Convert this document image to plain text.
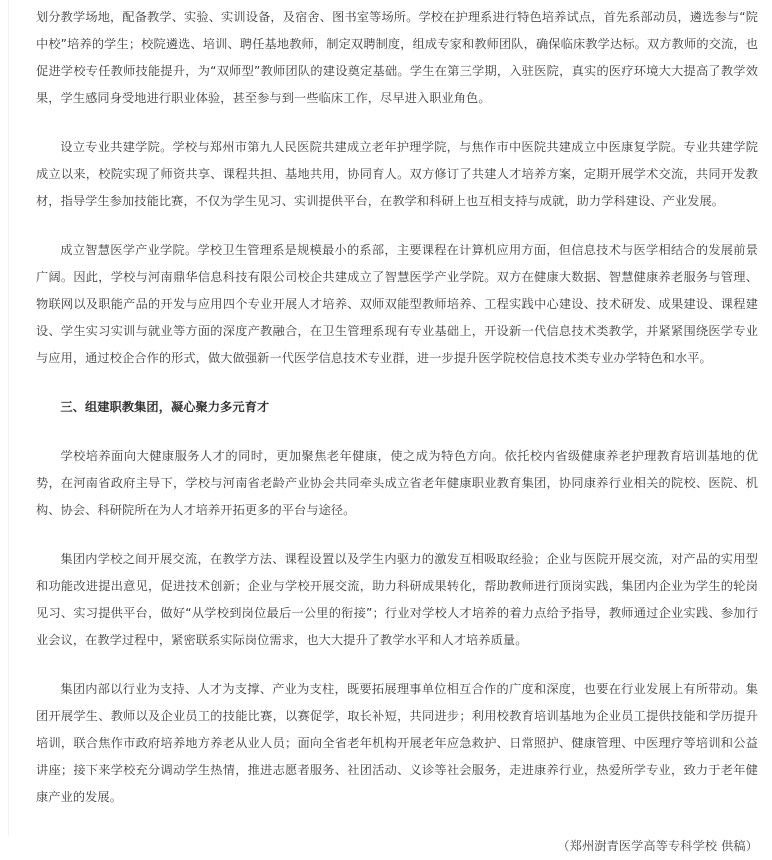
划分教学场地，配备教学、实验、实训设备，及宿舍、图书室等场所。学校在护理系进行特色培养试点，首先系部动员，遴选参与“院中校”培养的学生；校院遴选、培训、聘任基地教师，制定双聘制度，组成专家和教师团队，确保临床教学达标。双方教师的交流，也促进学校专任教师技能提升，为“双师型”教师团队的建设奠定基础。学生在第三学期，入驻医院，真实的医疗环境大大提高了教学效果，学生感同身受地进行职业体验，甚至参与到一些临床工作，尽早进入职业角色。

设立专业共建学院。学校与郑州市第九人民医院共建成立老年护理学院，与焦作市中医院共建成立中医康复学院。专业共建学院成立以来，校院实现了师资共享、课程共担、基地共用，协同育人。双方修订了共建人才培养方案，定期开展学术交流，共同开发教材，指导学生参加技能比赛，不仅为学生见习、实训提供平台，在教学和科研上也互相支持与成就，助力学科建设、产业发展。

成立智慧医学产业学院。学校卫生管理系是规模最小的系部，主要课程在计算机应用方面，但信息技术与医学相结合的发展前景广阔。因此，学校与河南鼎华信息科技有限公司校企共建成立了智慧医学产业学院。双方在健康大数据、智慧健康养老服务与管理、物联网以及职能产品的开发与应用四个专业开展人才培养、双师双能型教师培养、工程实践中心建设、技术研发、成果建设、课程建设、学生实习实训与就业等方面的深度产教融合，在卫生管理系现有专业基础上，开设新一代信息技术类教学，并紧紧围绕医学专业与应用，通过校企合作的形式，做大做强新一代医学信息技术专业群，进一步提升医学院校信息技术类专业办学特色和水平。

三、组建职教集团，凝心聚力多元育才

学校培养面向大健康服务人才的同时，更加聚焦老年健康，使之成为特色方向。依托校内省级健康养老护理教育培训基地的优势，在河南省政府主导下，学校与河南省老龄产业协会共同牵头成立省老年健康职业教育集团，协同康养行业相关的院校、医院、机构、协会、科研院所在为人才培养开拓更多的平台与途径。

集团内学校之间开展交流，在教学方法、课程设置以及学生内驱力的激发互相吸取经验；企业与医院开展交流，对产品的实用型和功能改进提出意见，促进技术创新；企业与学校开展交流，助力科研成果转化，帮助教师进行顶岗实践，集团内企业为学生的轮岗见习、实习提供平台，做好“从学校到岗位最后一公里的衔接”；行业对学校人才培养的着力点给予指导，教师通过企业实践、参加行业会议，在教学过程中，紧密联系实际岗位需求，也大大提升了教学水平和人才培养质量。

集团内部以行业为支持、人才为支撑、产业为支柱，既要拓展理事单位相互合作的广度和深度，也要在行业发展上有所带动。集团开展学生、教师以及企业员工的技能比赛，以赛促学，取长补短，共同进步；利用校教育培训基地为企业员工提供技能和学历提升培训，联合焦作市政府培养地方养老从业人员；面向全省老年机构开展老年应急救护、日常照护、健康管理、中医理疗等培训和公益讲座；接下来学校充分调动学生热情，推进志愿者服务、社团活动、义诊等社会服务，走进康养行业，热爱所学专业，致力于老年健康产业的发展。

（郑州澍青医学高等专科学校 供稿）
